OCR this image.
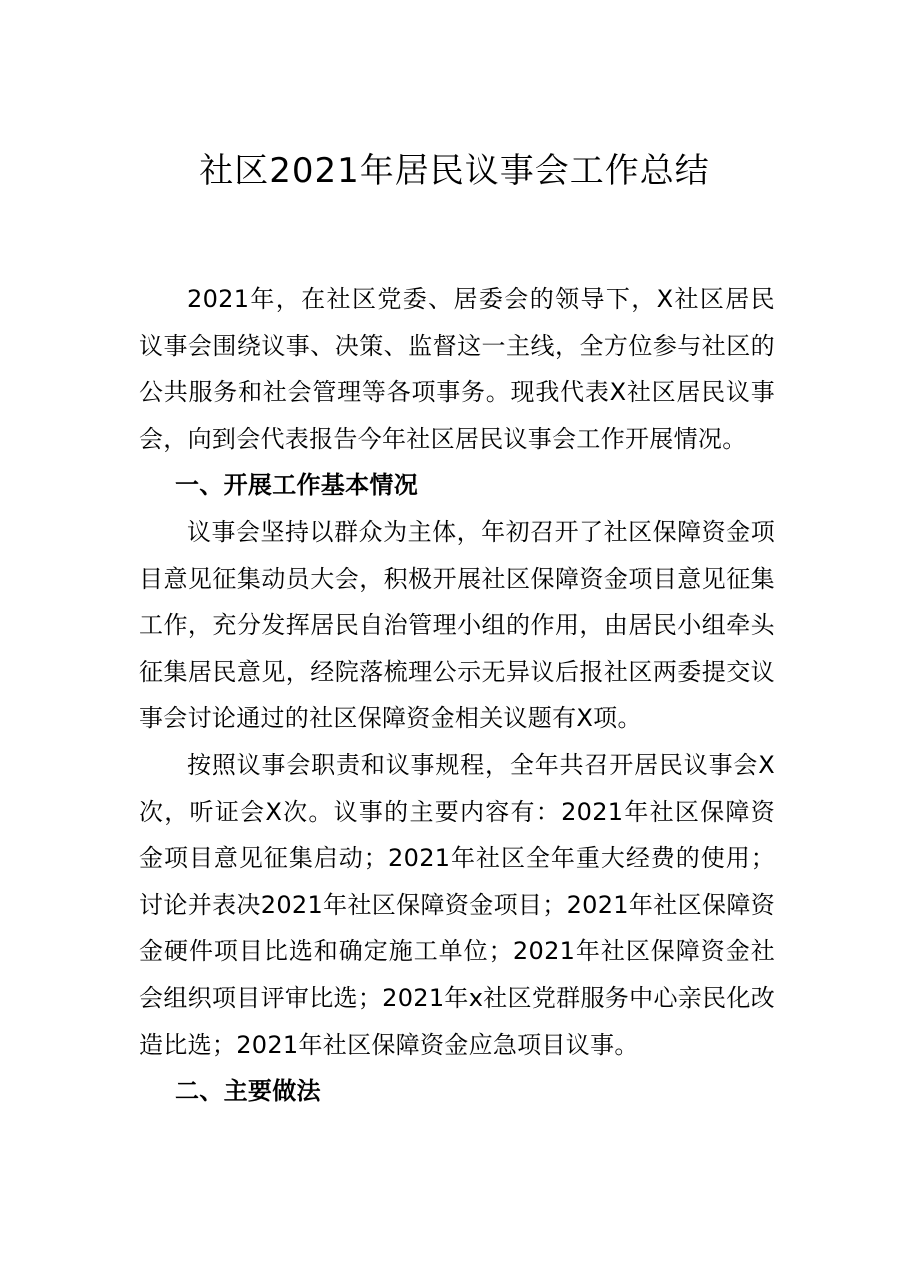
社区2021年居民议事会工作总结

2021年，在社区党委、居委会的领导下，X社区居民议事会围绕议事、决策、监督这一主线，全方位参与社区的公共服务和社会管理等各项事务。现我代表X社区居民议事会，向到会代表报告今年社区居民议事会工作开展情况。

一、开展工作基本情况

议事会坚持以群众为主体，年初召开了社区保障资金项目意见征集动员大会，积极开展社区保障资金项目意见征集工作，充分发挥居民自治管理小组的作用，由居民小组牵头征集居民意见，经院落梳理公示无异议后报社区两委提交议事会讨论通过的社区保障资金相关议题有X项。

按照议事会职责和议事规程，全年共召开居民议事会X次，听证会X次。议事的主要内容有：2021年社区保障资金项目意见征集启动；2021年社区全年重大经费的使用；讨论并表决2021年社区保障资金项目；2021年社区保障资金硬件项目比选和确定施工单位；2021年社区保障资金社会组织项目评审比选；2021年x社区党群服务中心亲民化改造比选；2021年社区保障资金应急项目议事。

二、主要做法
